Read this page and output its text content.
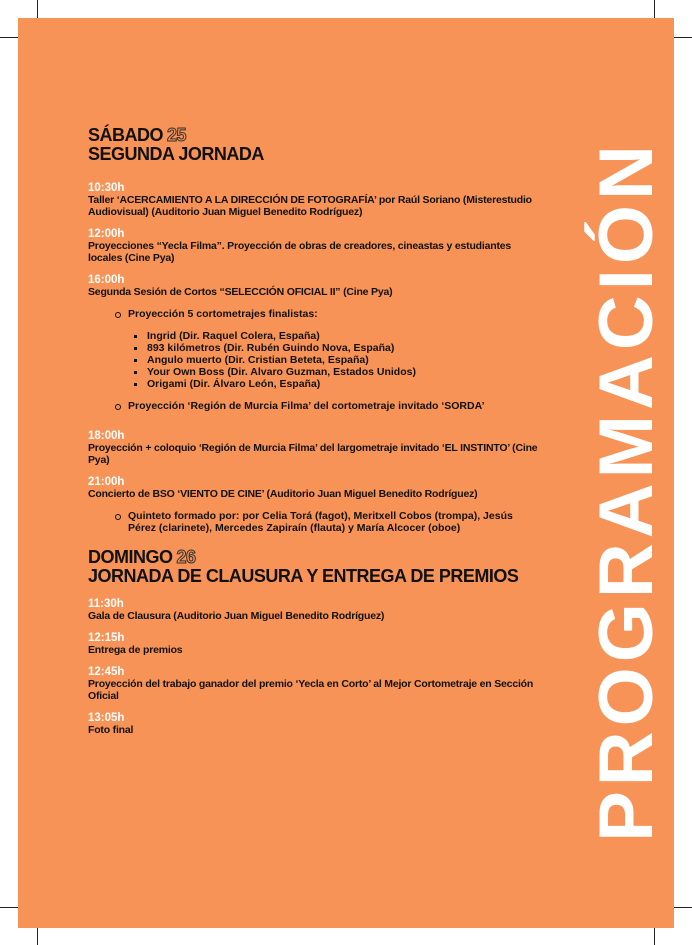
PROGRAMACIÓN
SÁBADO 25
SEGUNDA JORNADA
10:30h
Taller ‘ACERCAMIENTO A LA DIRECCIÓN DE FOTOGRAFÍA’ por Raúl Soriano (Misterestudio Audiovisual) (Auditorio Juan Miguel Benedito Rodríguez)
12:00h
Proyecciones “Yecla Filma”. Proyección de obras de creadores, cineastas y estudiantes locales (Cine Pya)
16:00h
Segunda Sesión de Cortos “SELECCIÓN OFICIAL II” (Cine Pya)
Proyección 5 cortometrajes finalistas:
Ingrid (Dir. Raquel Colera, España)
893 kilómetros (Dir. Rubén Guindo Nova, España)
Angulo muerto (Dir. Cristian Beteta, España)
Your Own Boss (Dir. Alvaro Guzman, Estados Unidos)
Origami (Dir. Álvaro León, España)
Proyección ‘Región de Murcia Filma’ del cortometraje invitado ‘SORDA’
18:00h
Proyección + coloquio ‘Región de Murcia Filma’ del largometraje invitado ‘EL INSTINTO’ (Cine Pya)
21:00h
Concierto de BSO ‘VIENTO DE CINE’ (Auditorio Juan Miguel Benedito Rodríguez)
Quinteto formado por: por Celia Torá (fagot), Meritxell Cobos (trompa), Jesús Pérez (clarinete), Mercedes Zapiraín (flauta) y María Alcocer (oboe)
DOMINGO 26
JORNADA DE CLAUSURA Y ENTREGA DE PREMIOS
11:30h
Gala de Clausura (Auditorio Juan Miguel Benedito Rodríguez)
12:15h
Entrega de premios
12:45h
Proyección del trabajo ganador del premio ‘Yecla en Corto’ al Mejor Cortometraje en Sección Oficial
13:05h
Foto final
